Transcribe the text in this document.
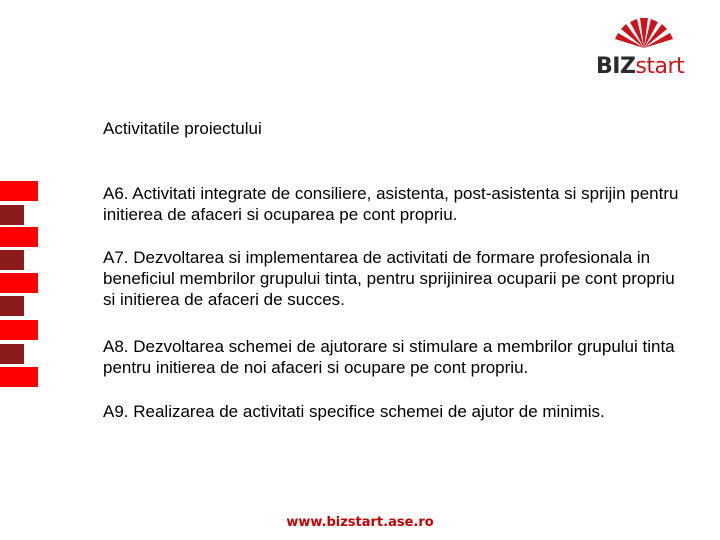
BIZstart
Activitatile proiectului

A6. Activitati integrate de consiliere, asistenta, post-asistenta si sprijin pentru initierea de afaceri si ocuparea pe cont propriu.

A7. Dezvoltarea si implementarea de activitati de formare profesionala in beneficiul membrilor grupului tinta, pentru sprijinirea ocuparii pe cont propriu si initierea de afaceri de succes.

A8. Dezvoltarea schemei de ajutorare si stimulare a membrilor grupului tinta pentru initierea de noi afaceri si ocupare pe cont propriu.

A9. Realizarea de activitati specifice schemei de ajutor de minimis.

www.bizstart.ase.ro
